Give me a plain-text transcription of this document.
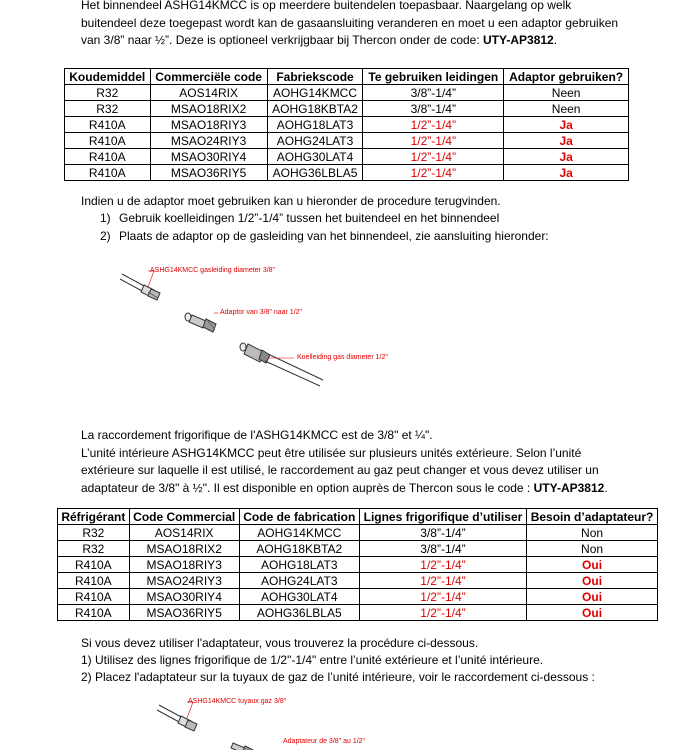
Het binnendeel ASHG14KMCC is op meerdere buitendelen toepasbaar. Naargelang op welk
buitendeel deze toegepast wordt kan de gasaansluiting veranderen en moet u een adaptor gebruiken
van 3/8” naar ½”. Deze is optioneel verkrijgbaar bij Thercon onder de code: UTY-AP3812.
Koudemiddel	Commerciële code	Fabriekscode	Te gebruiken leidingen	Adaptor gebruiken?
R32	AOS14RIX	AOHG14KMCC	3/8”-1/4”	Neen
R32	MSAO18RIX2	AOHG18KBTA2	3/8”-1/4”	Neen
R410A	MSAO18RIY3	AOHG18LAT3	1/2”-1/4”	Ja
R410A	MSAO24RIY3	AOHG24LAT3	1/2”-1/4”	Ja
R410A	MSAO30RIY4	AOHG30LAT4	1/2”-1/4”	Ja
R410A	MSAO36RIY5	AOHG36LBLA5	1/2”-1/4”	Ja
Indien u de adaptor moet gebruiken kan u hieronder de procedure terugvinden.
1) Gebruik koelleidingen 1/2”-1/4” tussen het buitendeel en het binnendeel
2) Plaats de adaptor op de gasleiding van het binnendeel, zie aansluiting hieronder:
ASHG14KMCC gasleiding diameter 3/8"
Adaptor van 3/8" naar 1/2"
Koelleiding gas diameter 1/2"
La raccordement frigorifique de l'ASHG14KMCC est de 3/8" et ¼".
L’unité intérieure ASHG14KMCC peut être utilisée sur plusieurs unités extérieure. Selon l’unité
extérieure sur laquelle il est utilisé, le raccordement au gaz peut changer et vous devez utiliser un
adaptateur de 3/8" à ½". Il est disponible en option auprès de Thercon sous le code : UTY-AP3812.
Réfrigérant	Code Commercial	Code de fabrication	Lignes frigorifique d’utiliser	Besoin d’adaptateur?
R32	AOS14RIX	AOHG14KMCC	3/8”-1/4”	Non
R32	MSAO18RIX2	AOHG18KBTA2	3/8”-1/4”	Non
R410A	MSAO18RIY3	AOHG18LAT3	1/2”-1/4”	Oui
R410A	MSAO24RIY3	AOHG24LAT3	1/2”-1/4”	Oui
R410A	MSAO30RIY4	AOHG30LAT4	1/2”-1/4”	Oui
R410A	MSAO36RIY5	AOHG36LBLA5	1/2”-1/4”	Oui
Si vous devez utiliser l'adaptateur, vous trouverez la procédure ci-dessous.
1) Utilisez des lignes frigorifique de 1/2"-1/4" entre l’unité extérieure et l’unité intérieure.
2) Placez l'adaptateur sur la tuyaux de gaz de l’unité intérieure, voir le raccordement ci-dessous :
ASHG14KMCC tuyaux gaz 3/8"
Adaptateur de 3/8" au 1/2"
